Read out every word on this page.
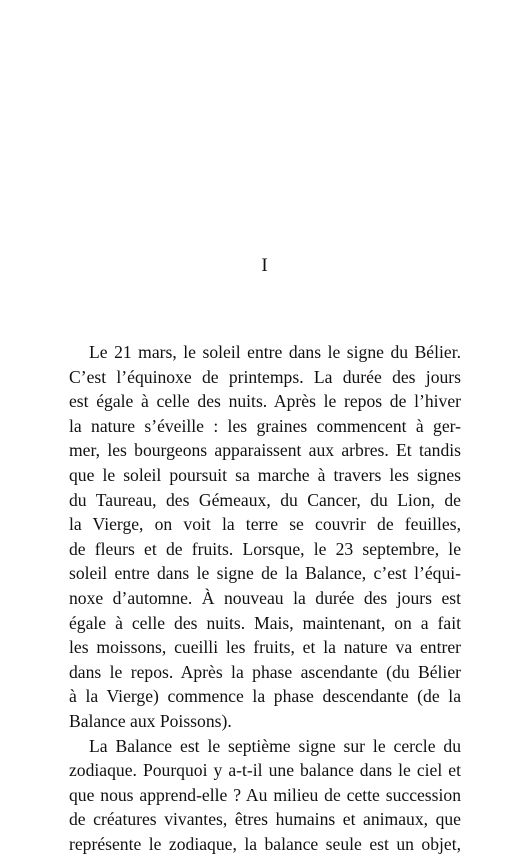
I
Le 21 mars, le soleil entre dans le signe du Bélier.
C’est l’équinoxe de printemps. La durée des jours
est égale à celle des nuits. Après le repos de l’hiver
la nature s’éveille : les graines commencent à ger-
mer, les bourgeons apparaissent aux arbres. Et tandis
que le soleil poursuit sa marche à travers les signes
du Taureau, des Gémeaux, du Cancer, du Lion, de
la Vierge, on voit la terre se couvrir de feuilles,
de fleurs et de fruits. Lorsque, le 23 septembre, le
soleil entre dans le signe de la Balance, c’est l’équi-
noxe d’automne. À nouveau la durée des jours est
égale à celle des nuits. Mais, maintenant, on a fait
les moissons, cueilli les fruits, et la nature va entrer
dans le repos. Après la phase ascendante (du Bélier
à la Vierge) commence la phase descendante (de la
Balance aux Poissons).
La Balance est le septième signe sur le cercle du
zodiaque. Pourquoi y a-t-il une balance dans le ciel et
que nous apprend-elle ? Au milieu de cette succession
de créatures vivantes, êtres humains et animaux, que
représente le zodiaque, la balance seule est un objet,
